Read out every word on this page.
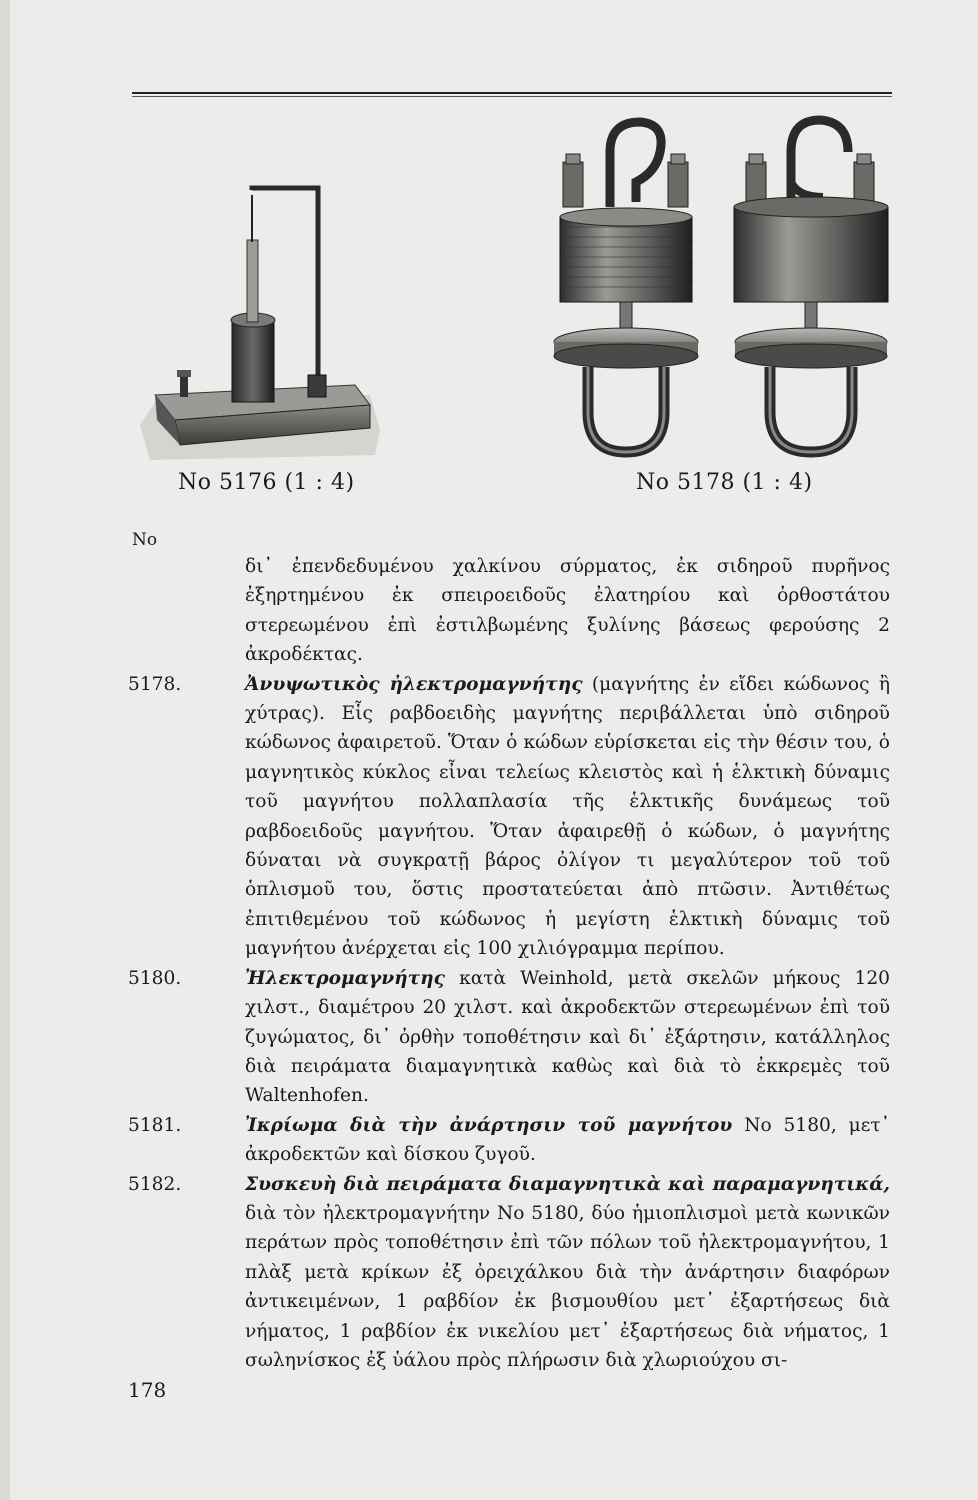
No 5176 (1 : 4)	No 5178 (1 : 4)
No
δι᾽ ἐπενδεδυμένου χαλκίνου σύρματος, ἐκ σιδηροῦ πυρῆνος ἐξηρτημένου ἐκ σπειροειδοῦς ἐλατηρίου καὶ ὀρθοστάτου στερεωμένου ἐπὶ ἐστιλβωμένης ξυλίνης βάσεως φερούσης 2 ἀκροδέκτας.
5178.	Ἀνυψωτικὸς ἠλεκτρομαγνήτης (μαγνήτης ἐν εἴδει κώδωνος ἢ χύτρας). Εἷς ραβδοειδὴς μαγνήτης περιβάλλεται ὑπὸ σιδηροῦ κώδωνος ἀφαιρετοῦ. Ὅταν ὁ κώδων εὑρίσκεται εἰς τὴν θέσιν του, ὁ μαγνητικὸς κύκλος εἶναι τελείως κλειστὸς καὶ ἡ ἑλκτικὴ δύναμις τοῦ μαγνήτου πολλαπλασία τῆς ἑλκτικῆς δυνάμεως τοῦ ραβδοειδοῦς μαγνήτου. Ὅταν ἀφαιρεθῇ ὁ κώδων, ὁ μαγνήτης δύναται νὰ συγκρατῇ βάρος ὀλίγον τι μεγαλύτερον τοῦ τοῦ ὁπλισμοῦ του, ὅστις προστατεύεται ἀπὸ πτῶσιν. Ἀντιθέτως ἐπιτιθεμένου τοῦ κώδωνος ἡ μεγίστη ἑλκτικὴ δύναμις τοῦ μαγνήτου ἀνέρχεται εἰς 100 χιλιόγραμμα περίπου.
5180.	Ἠλεκτρομαγνήτης κατὰ Weinhold, μετὰ σκελῶν μήκους 120 χιλστ., διαμέτρου 20 χιλστ. καὶ ἀκροδεκτῶν στερεωμένων ἐπὶ τοῦ ζυγώματος, δι᾽ ὀρθὴν τοποθέτησιν καὶ δι᾽ ἐξάρτησιν, κατάλληλος διὰ πειράματα διαμαγνητικὰ καθὼς καὶ διὰ τὸ ἐκκρεμὲς τοῦ Waltenhofen.
5181.	Ἰκρίωμα διὰ τὴν ἀνάρτησιν τοῦ μαγνήτου No 5180, μετ᾽ ἀκροδεκτῶν καὶ δίσκου ζυγοῦ.
5182.	Συσκευὴ διὰ πειράματα διαμαγνητικὰ καὶ παραμαγνητικά, διὰ τὸν ἠλεκτρομαγνήτην No 5180, δύο ἡμιοπλισμοὶ μετὰ κωνικῶν περάτων πρὸς τοποθέτησιν ἐπὶ τῶν πόλων τοῦ ἠλεκτρομαγνήτου, 1 πλὰξ μετὰ κρίκων ἐξ ὀρειχάλκου διὰ τὴν ἀνάρτησιν διαφόρων ἀντικειμένων, 1 ραβδίον ἐκ βισμουθίου μετ᾽ ἐξαρτήσεως διὰ νήματος, 1 ραβδίον ἐκ νικελίου μετ᾽ ἐξαρτήσεως διὰ νήματος, 1 σωληνίσκος ἐξ ὑάλου πρὸς πλήρωσιν διὰ χλωριούχου σι-
178
